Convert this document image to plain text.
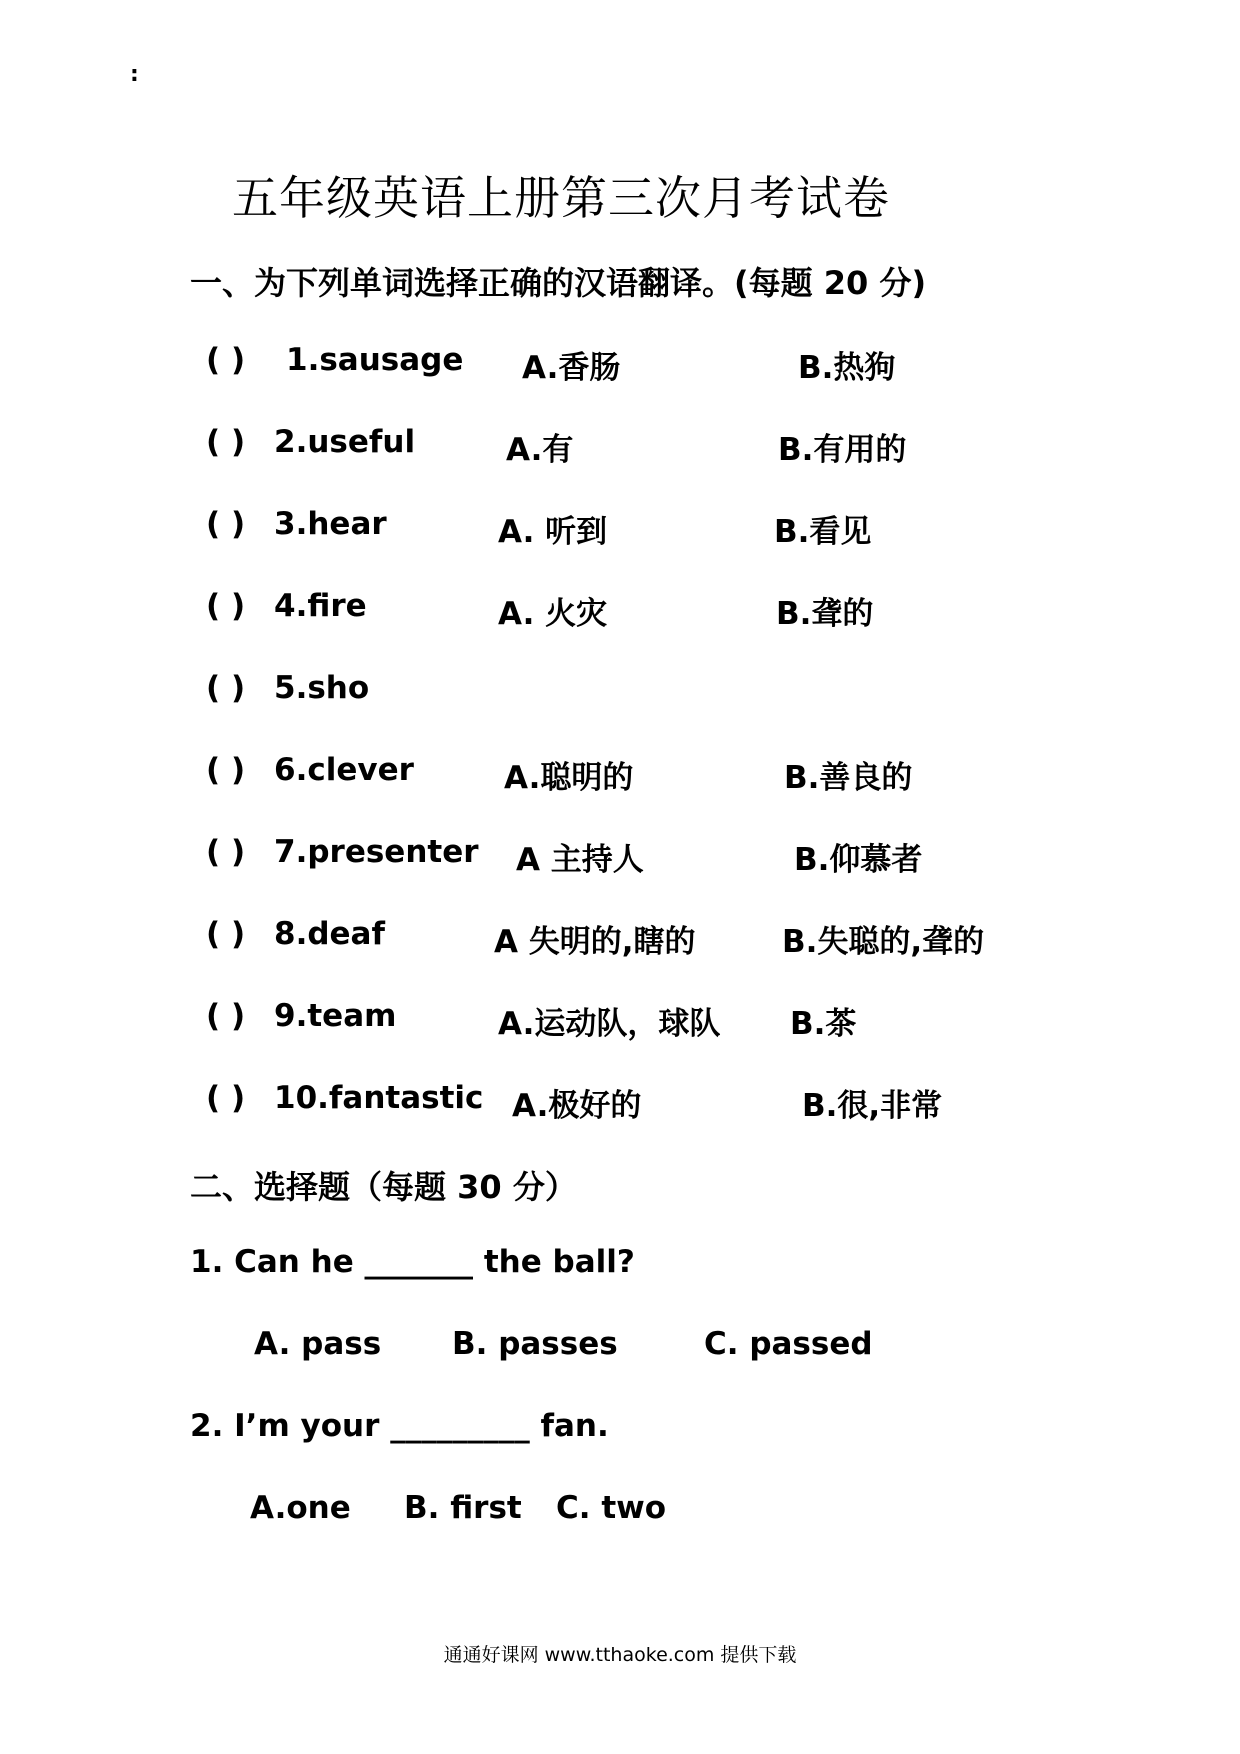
:
五年级英语上册第三次月考试卷
一、为下列单词选择正确的汉语翻译。(每题 20 分)
( ) 1.sausage A.香肠	B.热狗
( ) 2.useful	A.有	B.有用的
( ) 3.hear	A. 听到	B.看见
( ) 4.fire	A. 火灾	B.聋的
( ) 5.sho
( ) 6.clever	A.聪明的	B.善良的
( ) 7.presenter A 主持人	B.仰慕者
( ) 8.deaf	A 失明的,瞎的	B.失聪的,聋的
( ) 9.team	A.运动队，球队 B.茶
( ) 10.fantastic A.极好的	B.很,非常
二、选择题（每题 30 分）
1. Can he _______ the ball?
A. pass B. passes	C. passed
2. I’m your _________ fan.
A.one B. first C. two
通通好课网 www.tthaoke.com 提供下载
